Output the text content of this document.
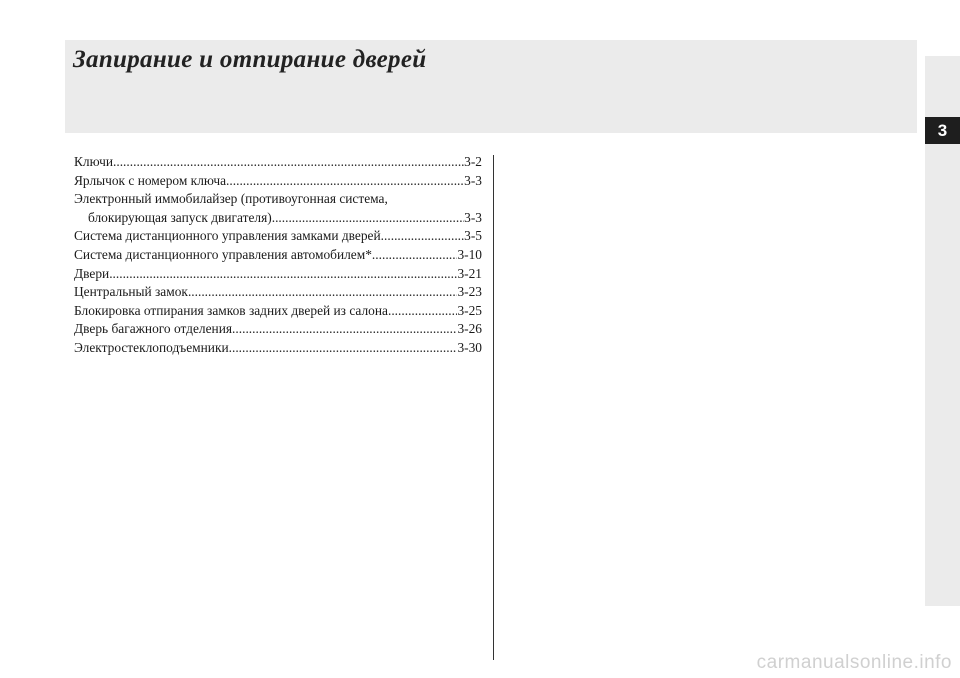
Запирание и отпирание дверей
3
Ключи .....	3-2
Ярлычок с номером ключа .....	3-3
Электронный иммобилайзер (противоугонная система,
блокирующая запуск двигателя) .....	3-3
Система дистанционного управления замками дверей .....	3-5
Система дистанционного управления автомобилем* .....	3-10
Двери .....	3-21
Центральный замок .....	3-23
Блокировка отпирания замков задних дверей из салона .....	3-25
Дверь багажного отделения .....	3-26
Электростеклоподъемники .....	3-30
carmanualsonline.info
